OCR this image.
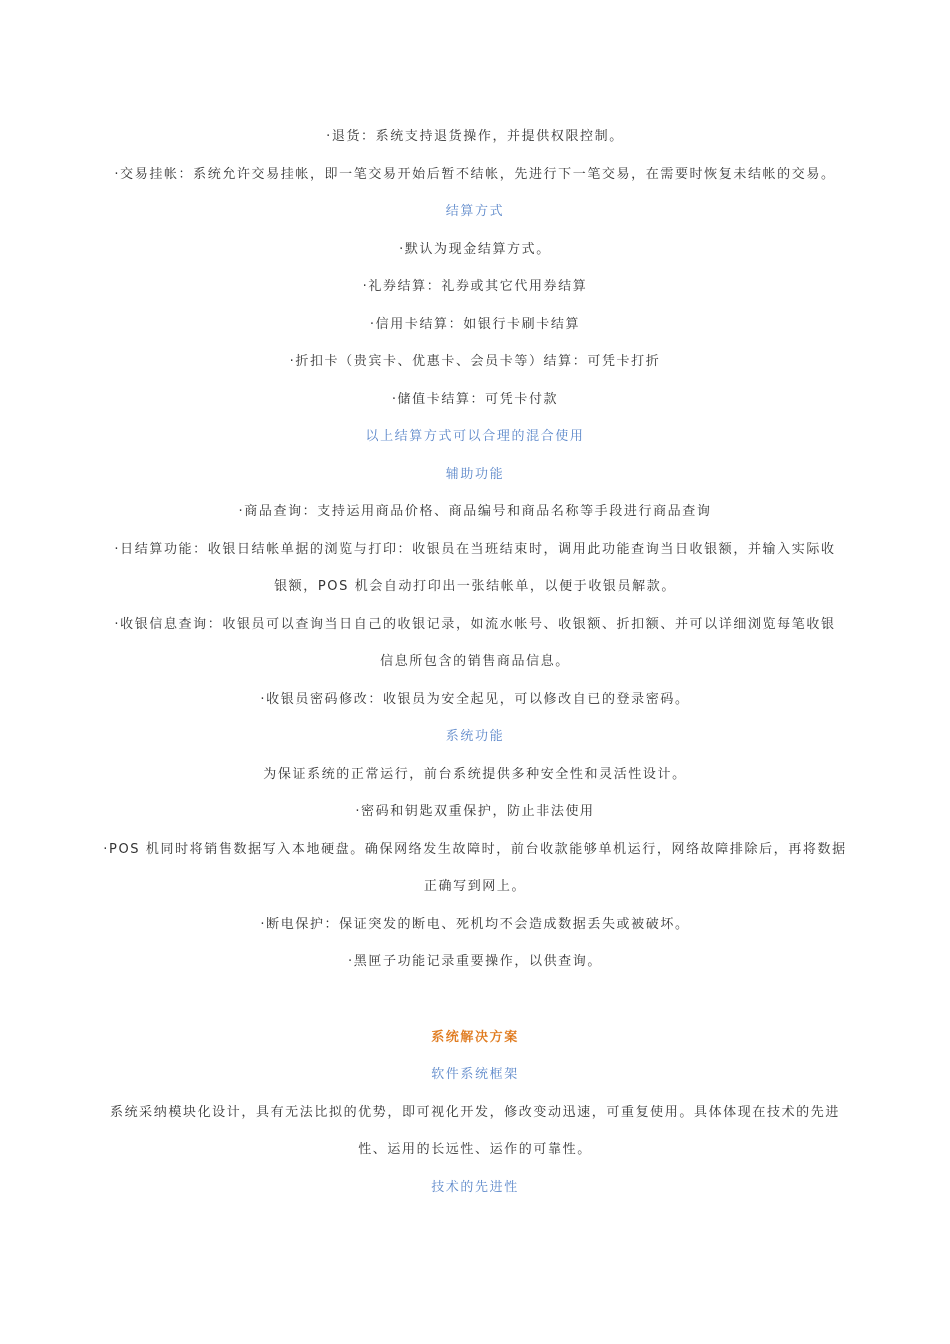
·退货：系统支持退货操作，并提供权限控制。

·交易挂帐：系统允许交易挂帐，即一笔交易开始后暂不结帐，先进行下一笔交易，在需要时恢复未结帐的交易。

结算方式

·默认为现金结算方式。

·礼券结算：礼券或其它代用券结算

·信用卡结算：如银行卡刷卡结算

·折扣卡（贵宾卡、优惠卡、会员卡等）结算：可凭卡打折

·储值卡结算：可凭卡付款

以上结算方式可以合理的混合使用

辅助功能

·商品查询：支持运用商品价格、商品编号和商品名称等手段进行商品查询

·日结算功能：收银日结帐单据的浏览与打印：收银员在当班结束时，调用此功能查询当日收银额，并输入实际收

银额，POS 机会自动打印出一张结帐单，以便于收银员解款。

·收银信息查询：收银员可以查询当日自己的收银记录，如流水帐号、收银额、折扣额、并可以详细浏览每笔收银

信息所包含的销售商品信息。

·收银员密码修改：收银员为安全起见，可以修改自已的登录密码。

系统功能

为保证系统的正常运行，前台系统提供多种安全性和灵活性设计。

·密码和钥匙双重保护，防止非法使用

·POS 机同时将销售数据写入本地硬盘。确保网络发生故障时，前台收款能够单机运行，网络故障排除后，再将数据

正确写到网上。

·断电保护：保证突发的断电、死机均不会造成数据丢失或被破坏。

·黑匣子功能记录重要操作，以供查询。

系统解决方案

软件系统框架

系统采纳模块化设计，具有无法比拟的优势，即可视化开发，修改变动迅速，可重复使用。具体体现在技术的先进

性、运用的长远性、运作的可靠性。

技术的先进性
